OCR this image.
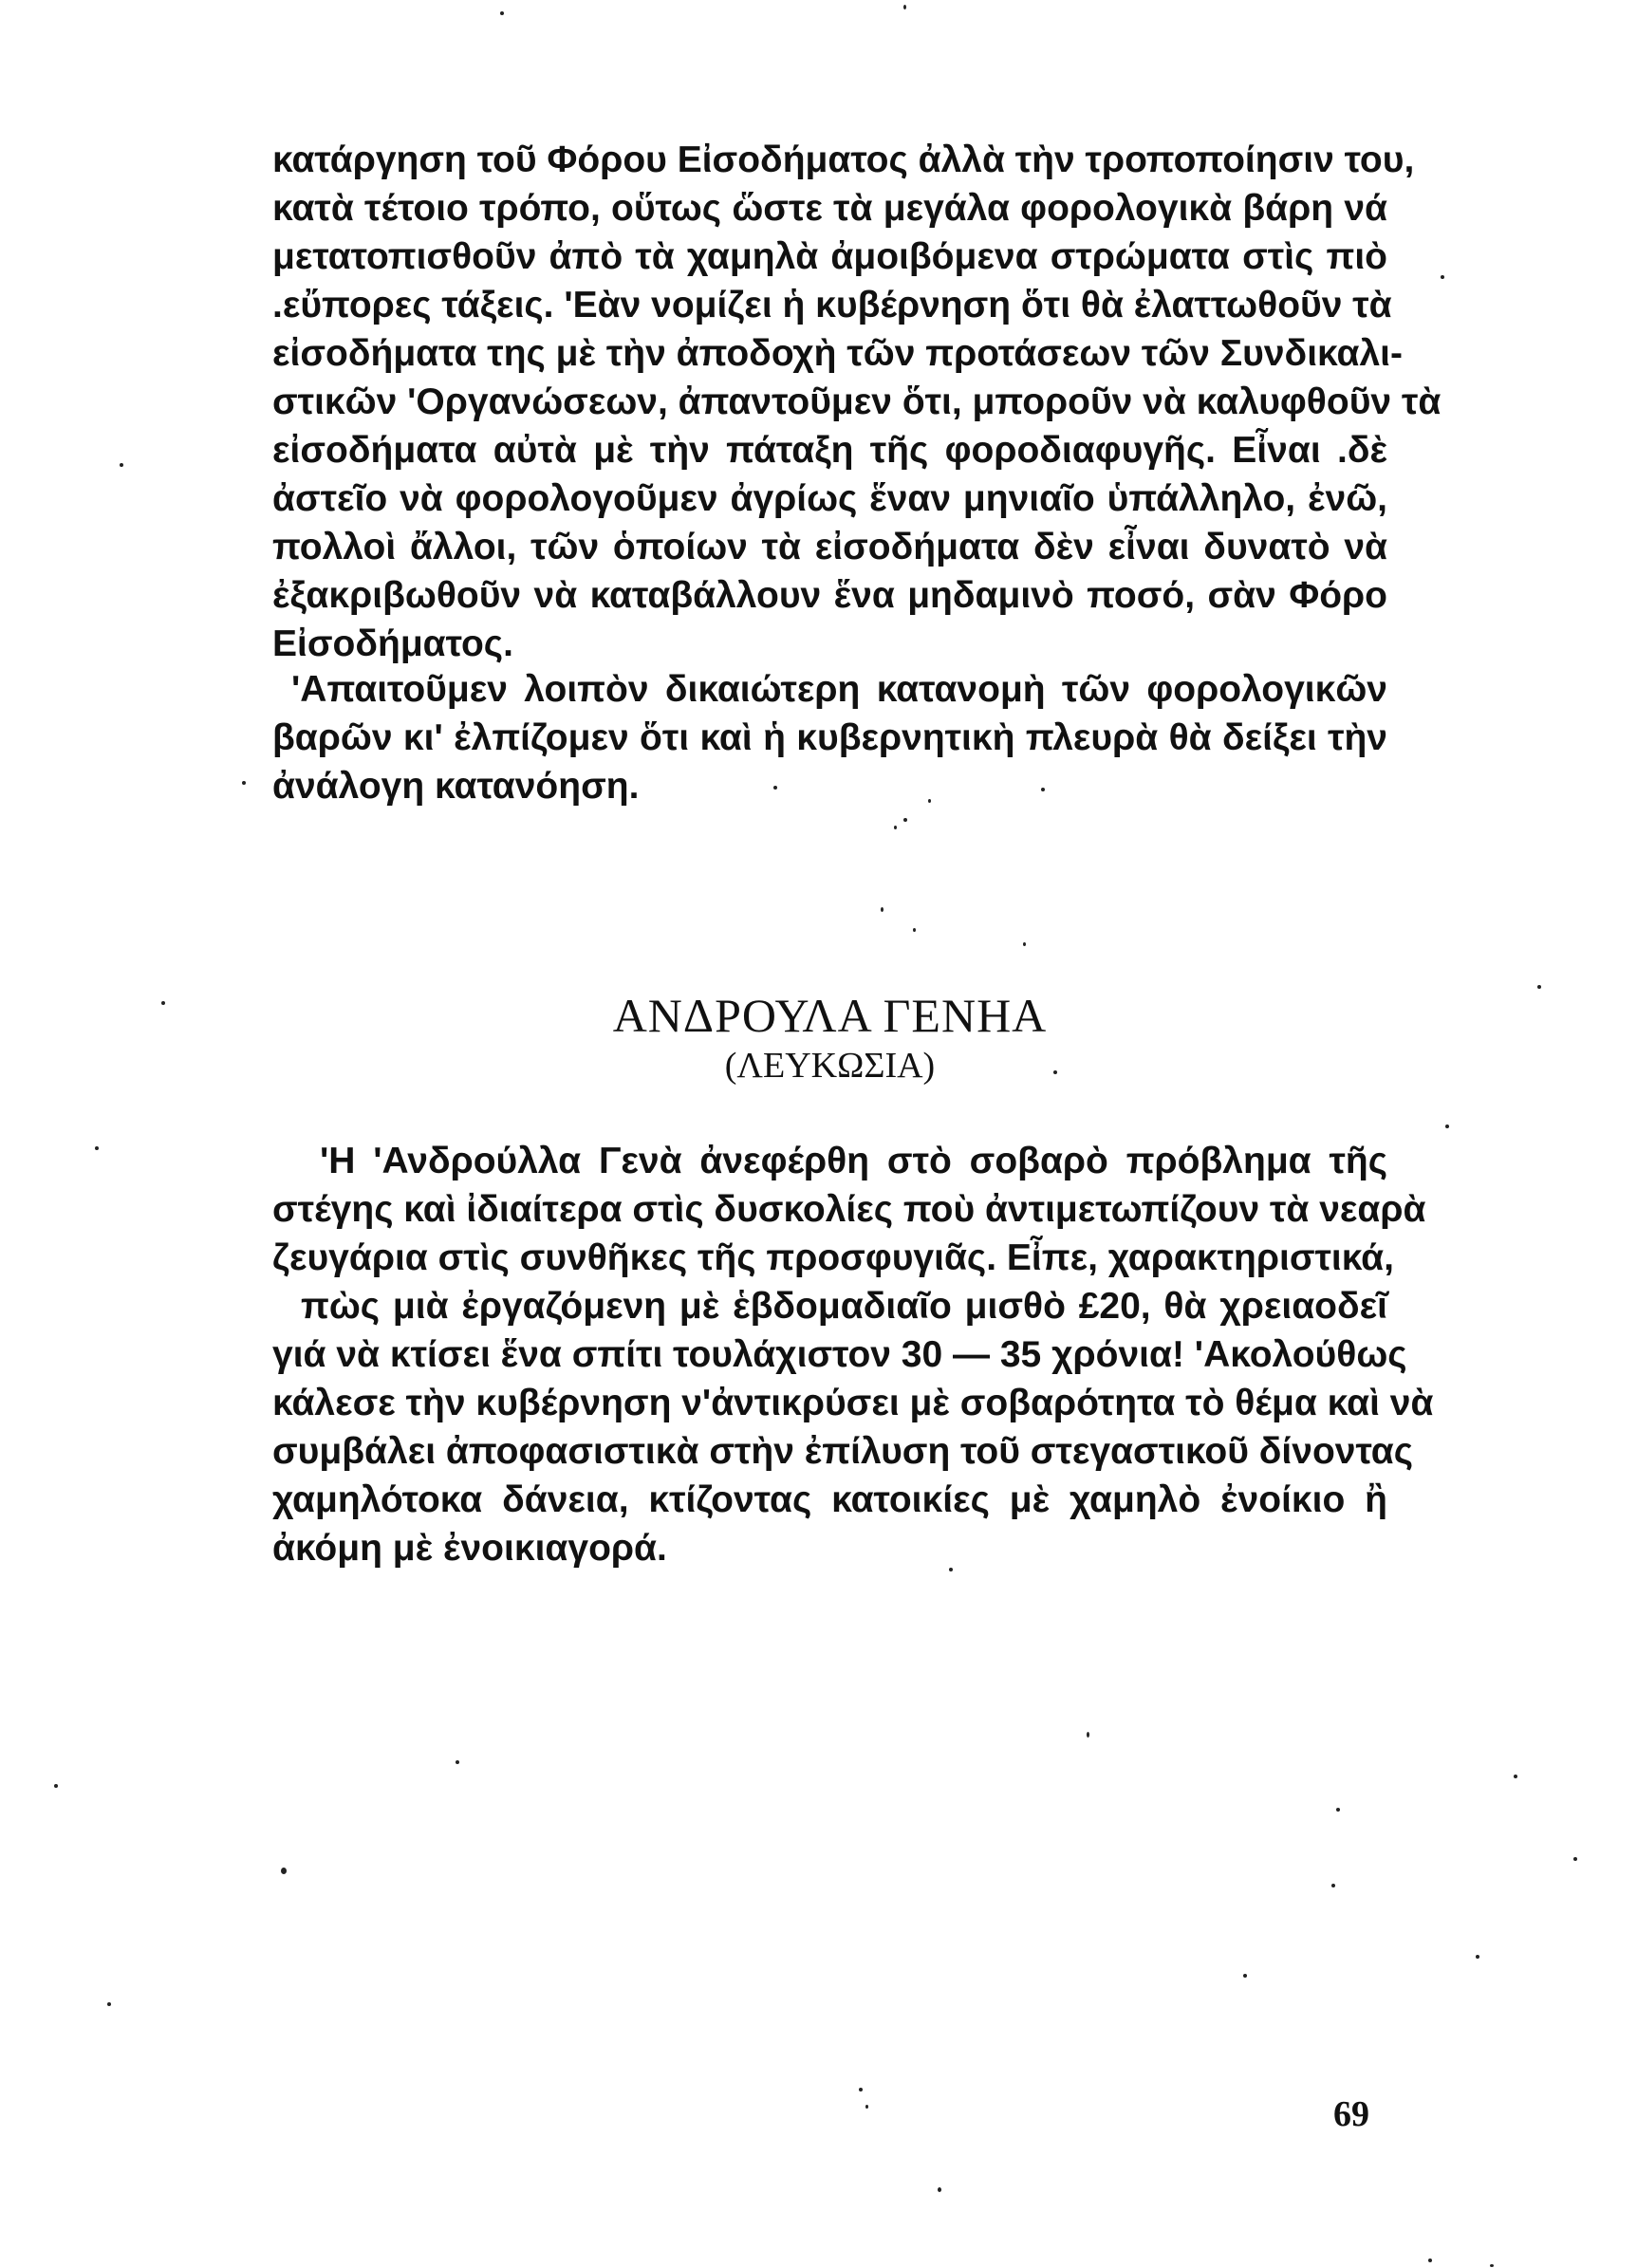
κατάργηση τοῦ Φόρου Εἰσοδήματος ἀλλὰ τὴν τροποποίησιν του,
κατὰ τέτοιο τρόπο, οὕτως ὥστε τὰ μεγάλα φορολογικὰ βάρη νά
μετατοπισθοῦν ἀπὸ τὰ χαμηλὰ ἀμοιβόμενα στρώματα στὶς πιὸ
.εὔπορες τάξεις. 'Εὰν νομίζει ἡ κυβέρνηση ὅτι θὰ ἐλαττωθοῦν τὰ
εἰσοδήματα της μὲ τὴν ἀποδοχὴ τῶν προτάσεων τῶν Συνδικαλι-
στικῶν 'Οργανώσεων, ἀπαντοῦμεν ὅτι, μποροῦν νὰ καλυφθοῦν τὰ
εἰσοδήματα αὐτὰ μὲ τὴν πάταξη τῆς φοροδιαφυγῆς. Εἶναι .δὲ
ἀστεῖο νὰ φορολογοῦμεν ἀγρίως ἕναν μηνιαῖο ὑπάλληλο, ἐνῶ,
πολλοὶ ἄλλοι, τῶν ὁποίων τὰ εἰσοδήματα δὲν εἶναι δυνατὸ νὰ
ἐξακριβωθοῦν νὰ καταβάλλουν ἕνα μηδαμινὸ ποσό, σὰν Φόρο
Εἰσοδήματος.
'Απαιτοῦμεν λοιπὸν δικαιώτερη κατανομὴ τῶν φορολογικῶν
βαρῶν κι' ἐλπίζομεν ὅτι καὶ ἡ κυβερνητικὴ πλευρὰ θὰ δείξει τὴν
ἀνάλογη κατανόηση.
ΑΝΔΡΟΥΛΑ ΓΕΝΗΑ
(ΛΕΥΚΩΣΙΑ)
'Η 'Ανδρούλλα Γενὰ ἀνεφέρθη στὸ σοβαρὸ πρόβλημα τῆς
στέγης καὶ ἰδιαίτερα στὶς δυσκολίες ποὺ ἀντιμετωπίζουν τὰ νεαρὰ
ζευγάρια στὶς συνθῆκες τῆς προσφυγιᾶς. Εἶπε, χαρακτηριστικά,
πὼς μιὰ ἐργαζόμενη μὲ ἑβδομαδιαῖο μισθὸ £20, θὰ χρειαοδεῖ
γιά νὰ κτίσει ἕνα σπίτι τουλάχιστον 30 — 35 χρόνια! 'Ακολούθως
κάλεσε τὴν κυβέρνηση ν'ἀντικρύσει μὲ σοβαρότητα τὸ θέμα καὶ νὰ
συμβάλει ἀποφασιστικὰ στὴν ἐπίλυση τοῦ στεγαστικοῦ δίνοντας
χαμηλότοκα δάνεια, κτίζοντας κατοικίες μὲ χαμηλὸ ἐνοίκιο ἢ
ἀκόμη μὲ ἐνοικιαγορά.
69
